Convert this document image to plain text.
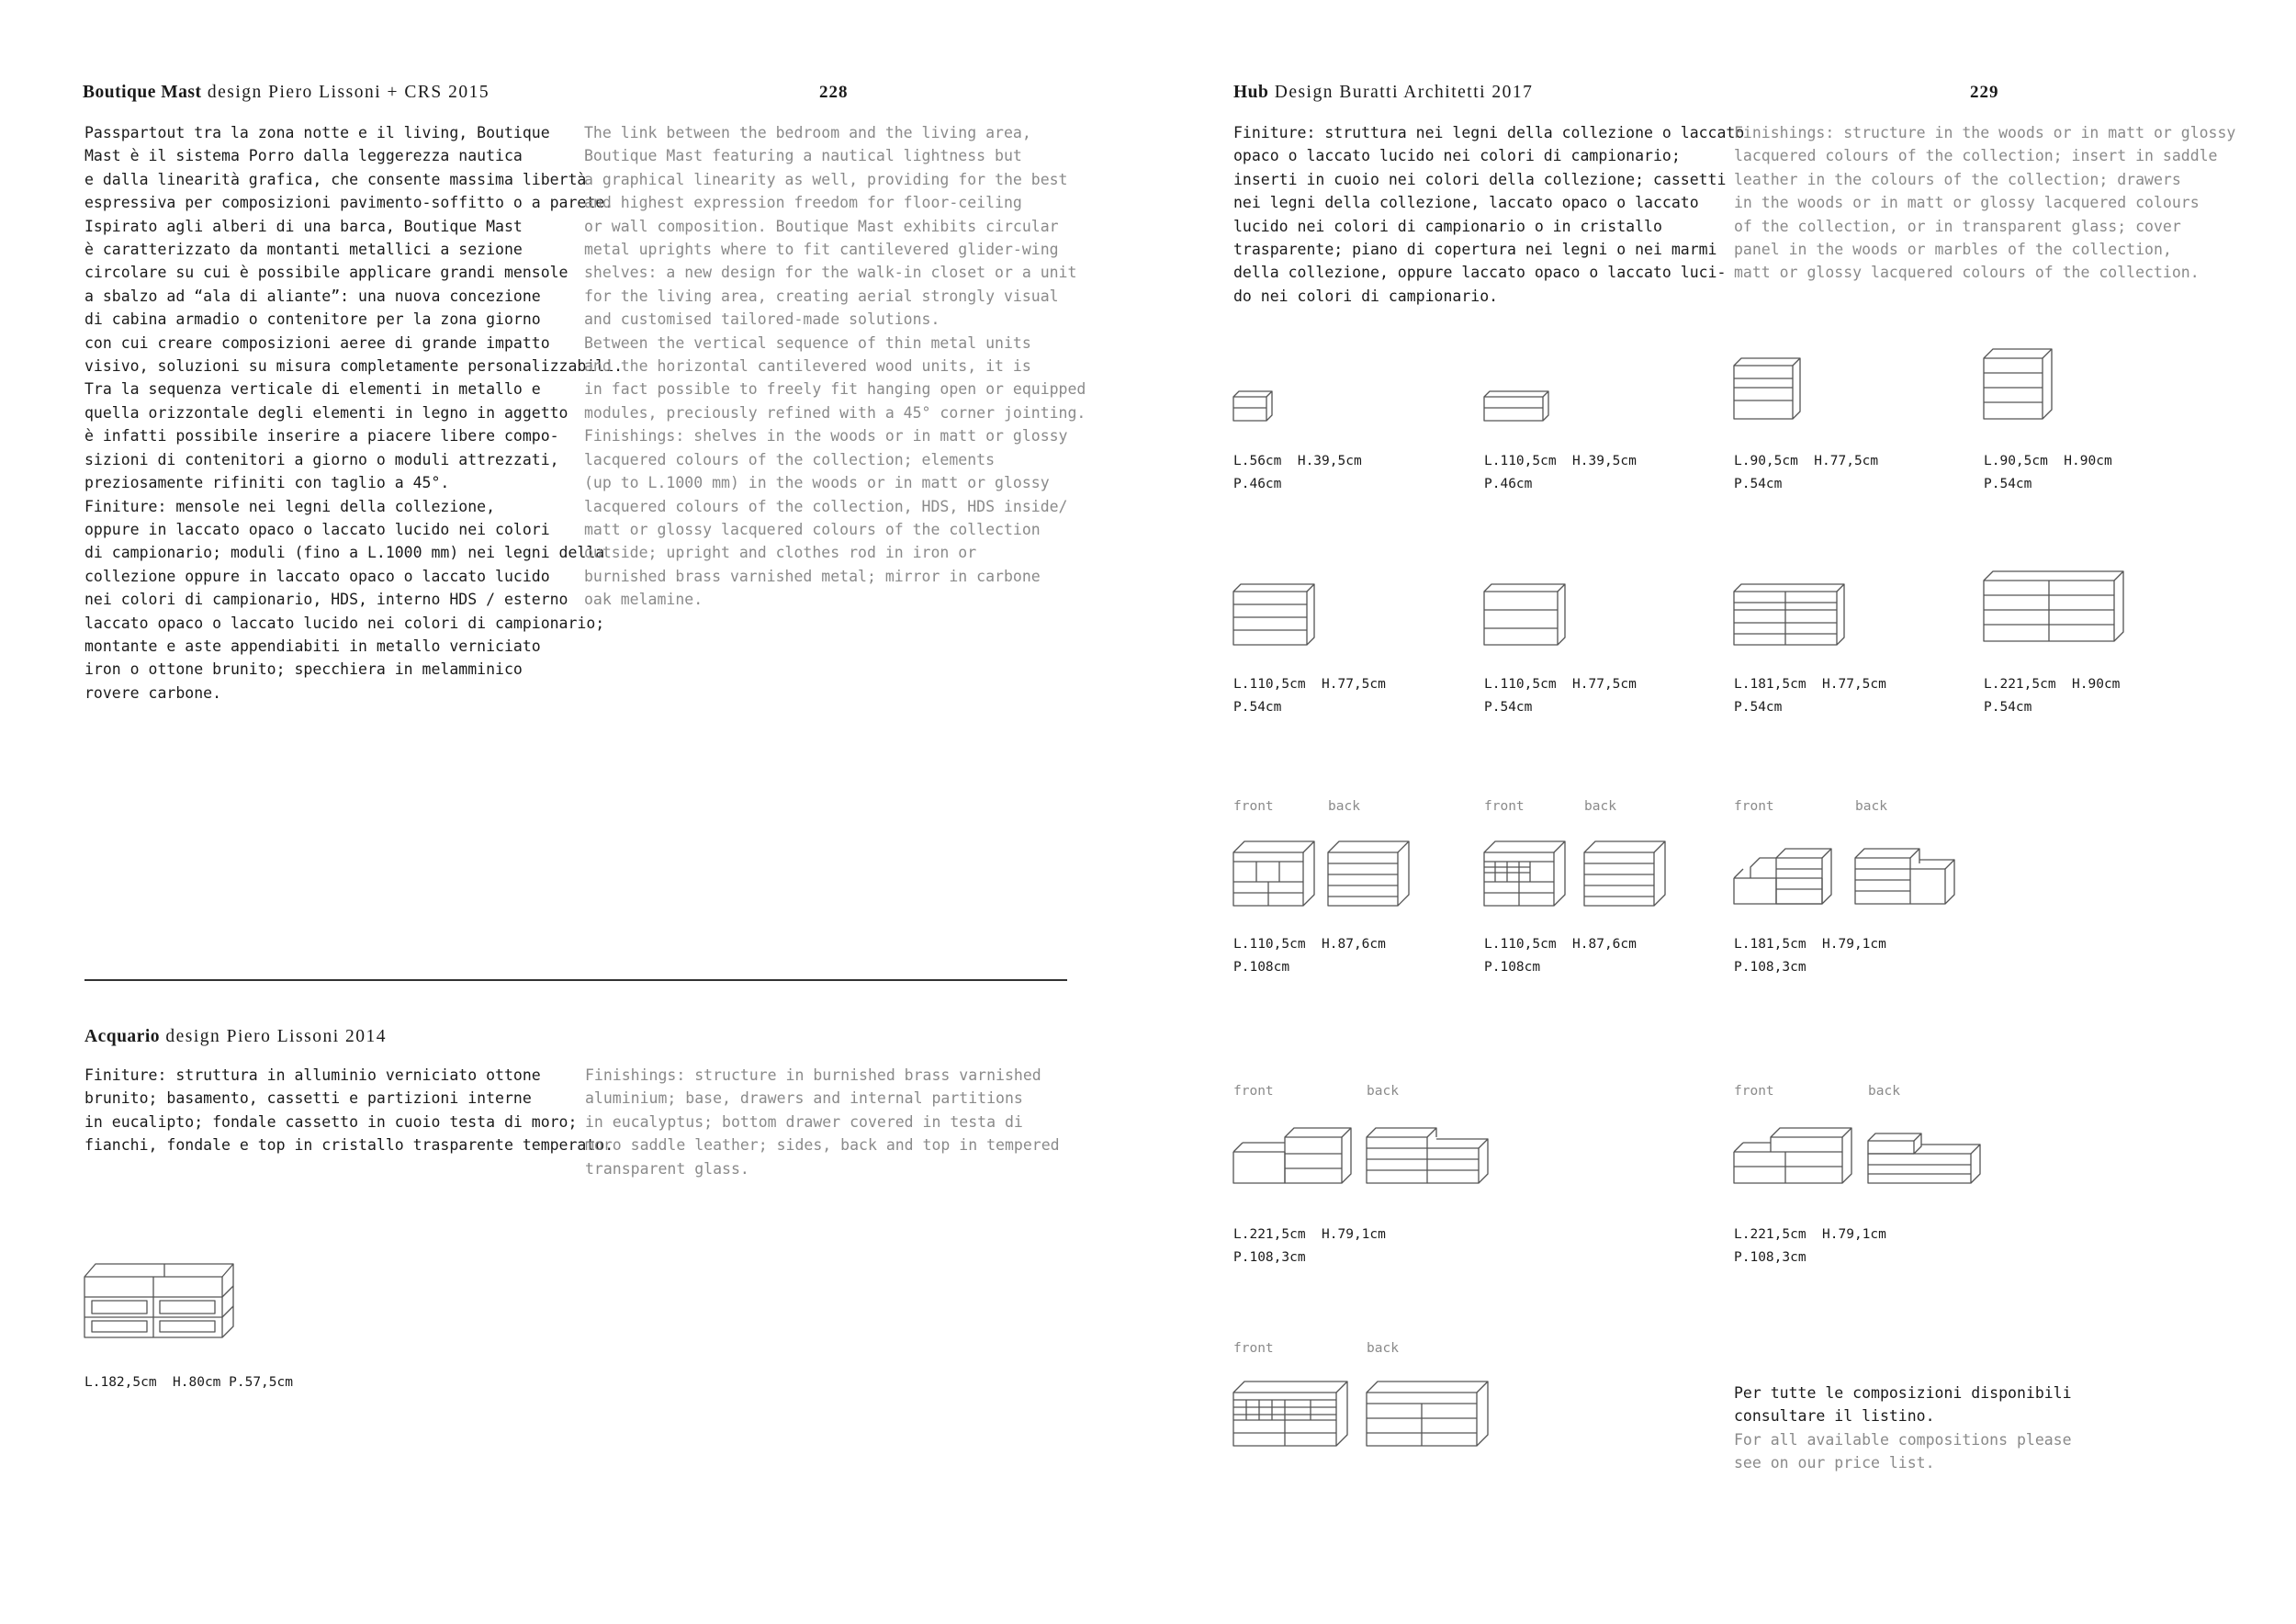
Boutique Mast design Piero Lissoni + CRS 2015	228
Passpartout tra la zona notte e il living, Boutique
Mast è il sistema Porro dalla leggerezza nautica
e dalla linearità grafica, che consente massima libertà
espressiva per composizioni pavimento-soffitto o a parete.
Ispirato agli alberi di una barca, Boutique Mast
è caratterizzato da montanti metallici a sezione
circolare su cui è possibile applicare grandi mensole
a sbalzo ad “ala di aliante”: una nuova concezione
di cabina armadio o contenitore per la zona giorno
con cui creare composizioni aeree di grande impatto
visivo, soluzioni su misura completamente personalizzabili.
Tra la sequenza verticale di elementi in metallo e
quella orizzontale degli elementi in legno in aggetto
è infatti possibile inserire a piacere libere compo-
sizioni di contenitori a giorno o moduli attrezzati,
preziosamente rifiniti con taglio a 45°.
Finiture: mensole nei legni della collezione,
oppure in laccato opaco o laccato lucido nei colori
di campionario; moduli (fino a L.1000 mm) nei legni della
collezione oppure in laccato opaco o laccato lucido
nei colori di campionario, HDS, interno HDS / esterno
laccato opaco o laccato lucido nei colori di campionario;
montante e aste appendiabiti in metallo verniciato
iron o ottone brunito; specchiera in melamminico
rovere carbone.
The link between the bedroom and the living area,
Boutique Mast featuring a nautical lightness but
a graphical linearity as well, providing for the best
and highest expression freedom for floor-ceiling
or wall composition. Boutique Mast exhibits circular
metal uprights where to fit cantilevered glider-wing
shelves: a new design for the walk-in closet or a unit
for the living area, creating aerial strongly visual
and customised tailored-made solutions.
Between the vertical sequence of thin metal units
and the horizontal cantilevered wood units, it is
in fact possible to freely fit hanging open or equipped
modules, preciously refined with a 45° corner jointing.
Finishings: shelves in the woods or in matt or glossy
lacquered colours of the collection; elements
(up to L.1000 mm) in the woods or in matt or glossy
lacquered colours of the collection, HDS, HDS inside/
matt or glossy lacquered colours of the collection
outside; upright and clothes rod in iron or
burnished brass varnished metal; mirror in carbone
oak melamine.
Acquario design Piero Lissoni 2014
Finiture: struttura in alluminio verniciato ottone
brunito; basamento, cassetti e partizioni interne
in eucalipto; fondale cassetto in cuoio testa di moro;
fianchi, fondale e top in cristallo trasparente temperato.
Finishings: structure in burnished brass varnished
aluminium; base, drawers and internal partitions
in eucalyptus; bottom drawer covered in testa di
moro saddle leather; sides, back and top in tempered
transparent glass.
L.182,5cm  H.80cm P.57,5cm
Hub Design Buratti Architetti 2017	229
Finiture: struttura nei legni della collezione o laccato
opaco o laccato lucido nei colori di campionario;
inserti in cuoio nei colori della collezione; cassetti
nei legni della collezione, laccato opaco o laccato
lucido nei colori di campionario o in cristallo
trasparente; piano di copertura nei legni o nei marmi
della collezione, oppure laccato opaco o laccato luci-
do nei colori di campionario.
Finishings: structure in the woods or in matt or glossy
lacquered colours of the collection; insert in saddle
leather in the colours of the collection; drawers
in the woods or in matt or glossy lacquered colours
of the collection, or in transparent glass; cover
panel in the woods or marbles of the collection,
matt or glossy lacquered colours of the collection.
L.56cm  H.39,5cm
P.46cm
L.110,5cm  H.39,5cm
P.46cm
L.90,5cm  H.77,5cm
P.54cm
L.90,5cm  H.90cm
P.54cm
L.110,5cm  H.77,5cm
P.54cm
L.110,5cm  H.77,5cm
P.54cm
L.181,5cm  H.77,5cm
P.54cm
L.221,5cm  H.90cm
P.54cm
front	back	front	back	front	back
L.110,5cm  H.87,6cm
P.108cm
L.110,5cm  H.87,6cm
P.108cm
L.181,5cm  H.79,1cm
P.108,3cm
front	back	front	back
L.221,5cm  H.79,1cm
P.108,3cm
L.221,5cm  H.79,1cm
P.108,3cm
front	back
Per tutte le composizioni disponibili
consultare il listino.
For all available compositions please
see on our price list.
